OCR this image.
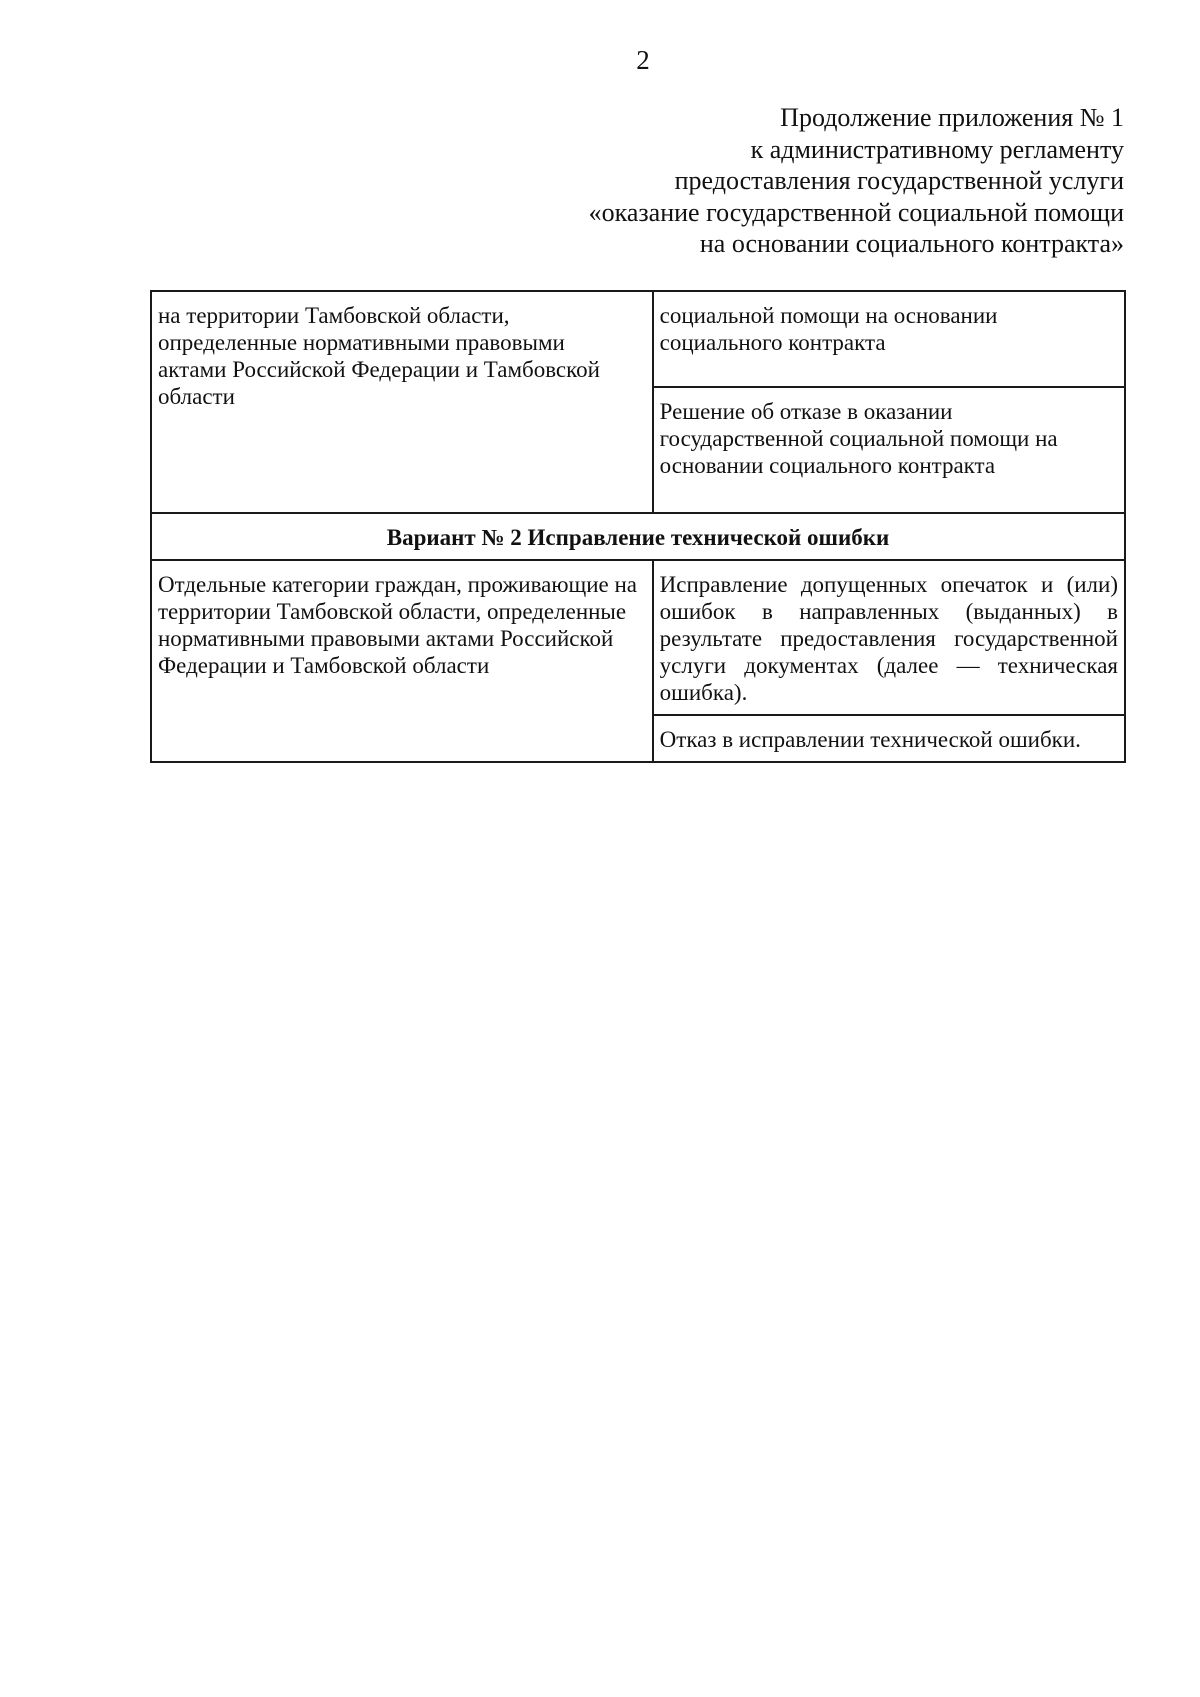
2
Продолжение приложения № 1
к административному регламенту
предоставления государственной услуги
«оказание государственной социальной помощи
на основании социального контракта»
на территории Тамбовской области, определенные нормативными правовыми актами Российской Федерации и Тамбовской области	социальной помощи на основании социального контракта

	Решение об отказе в оказании государственной социальной помощи на основании социального контракта

Вариант № 2 Исправление технической ошибки	

Отдельные категории граждан, проживающие на территории Тамбовской области, определенные нормативными правовыми актами Российской Федерации и Тамбовской области	Исправление допущенных опечаток и (или) ошибок в направленных (выданных) в результате предоставления государственной услуги документах (далее — техническая ошибка).

	Отказ в исправлении технической ошибки.
